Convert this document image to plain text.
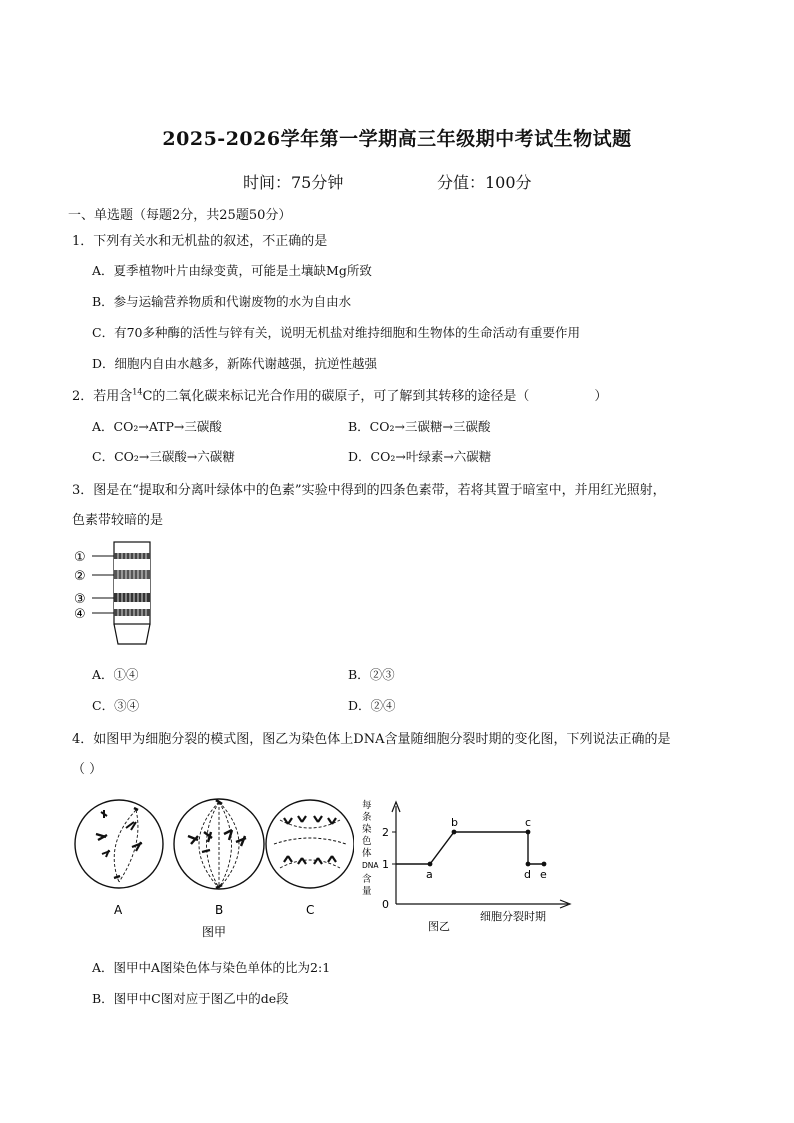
2025-2026学年第一学期高三年级期中考试生物试题
时间：75分钟	分值：100分
一、单选题（每题2分，共25题50分）
1．下列有关水和无机盐的叙述，不正确的是
A．夏季植物叶片由绿变黄，可能是土壤缺Mg所致
B．参与运输营养物质和代谢废物的水为自由水
C．有70多种酶的活性与锌有关，说明无机盐对维持细胞和生物体的生命活动有重要作用
D．细胞内自由水越多，新陈代谢越强，抗逆性越强
2．若用含$^{14}$C的二氧化碳来标记光合作用的碳原子，可了解到其转移的途径是（　　　　　）
A．CO₂→ATP→三碳酸	B．CO₂→三碳糖→三碳酸
C．CO₂→三碳酸→六碳糖	D．CO₂→叶绿素→六碳糖
3．图是在“提取和分离叶绿体中的色素”实验中得到的四条色素带，若将其置于暗室中，并用红光照射，
色素带较暗的是
①
②
③
④
A．①④	B．②③
C．③④	D．②④
4．如图甲为细胞分裂的模式图，图乙为染色体上DNA含量随细胞分裂时期的变化图，下列说法正确的是
（ ）
A	B	C
图甲
每
条
染
色
体
DNA
含
量
0
1
2
a
b	c
d e
细胞分裂时期
图乙
A．图甲中A图染色体与染色单体的比为2:1
B．图甲中C图对应于图乙中的de段
